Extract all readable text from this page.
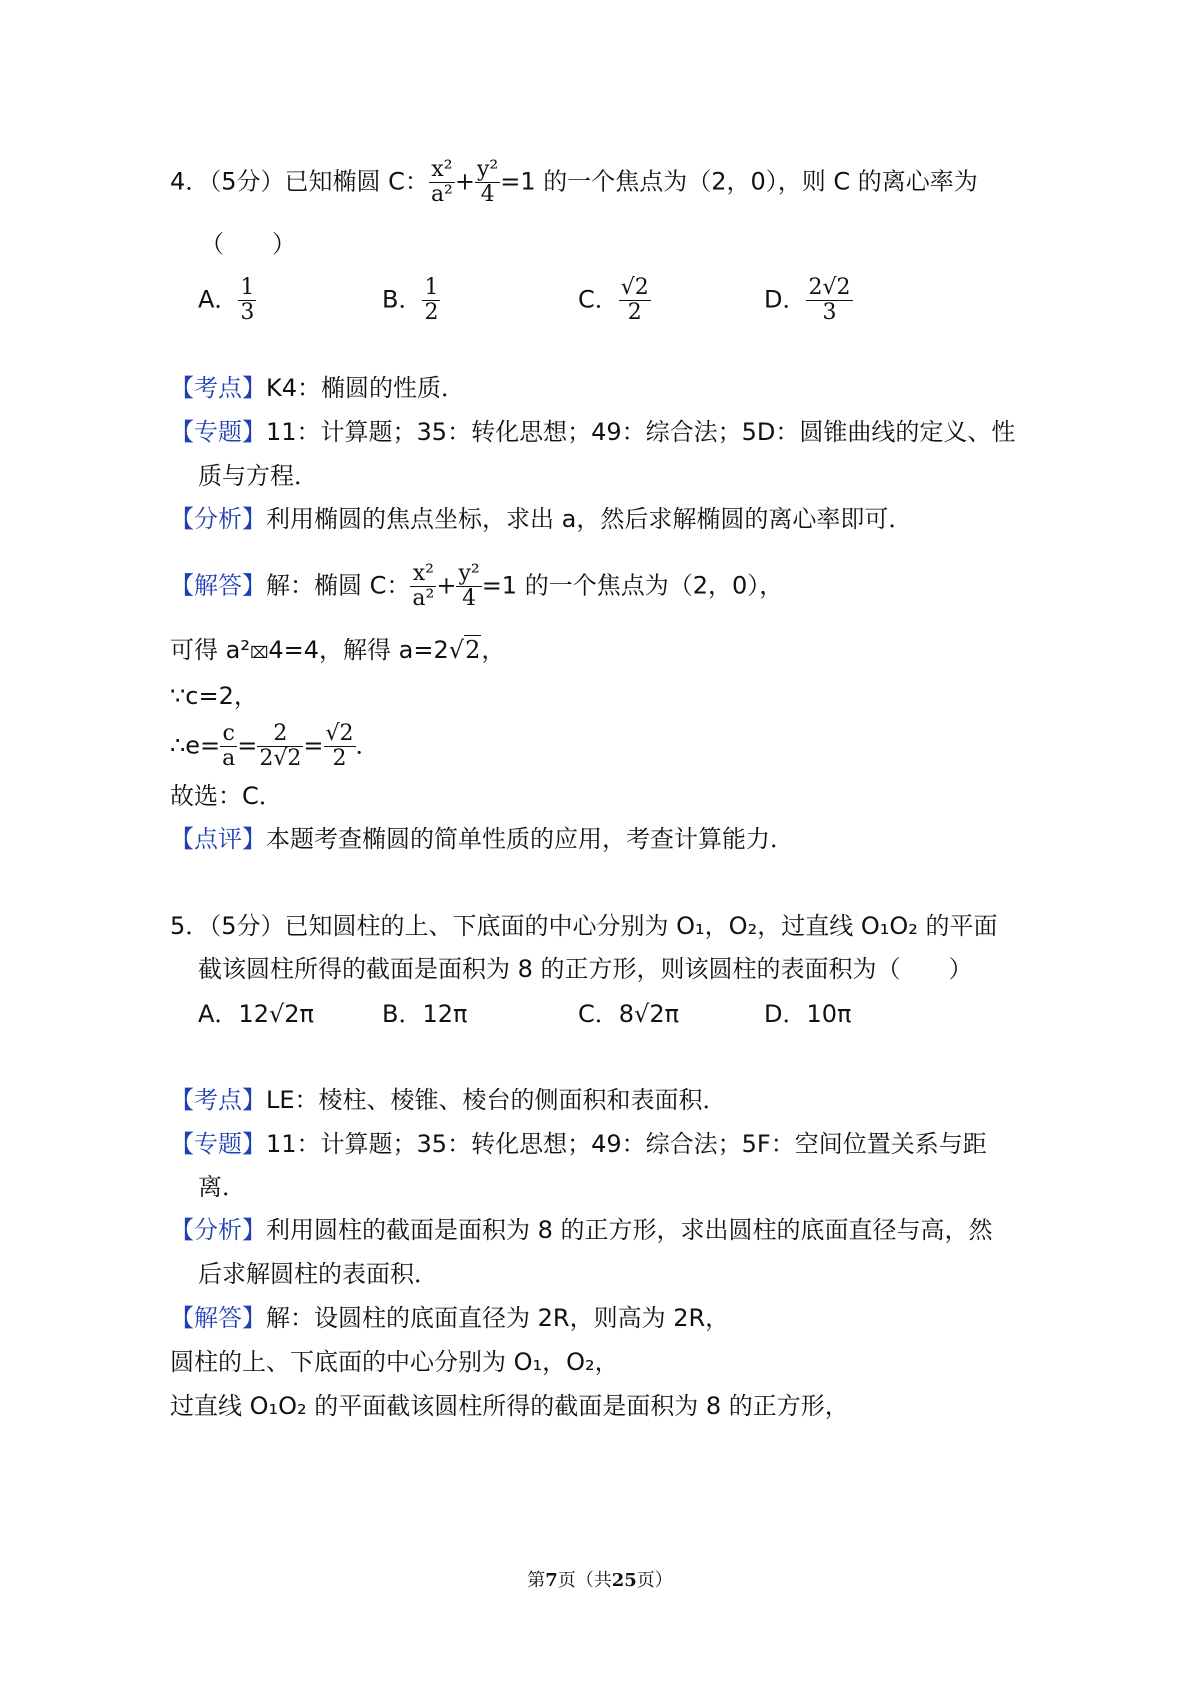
4．（5分）已知椭圆 C： $\frac{\text{x²}}{\text{a²}} + \frac{\text{y²}}{4} =1$ 的一个焦点为（2，0），则 C 的离心率为
（　　）
A． $\frac{1}{3}$	B． $\frac{1}{2}$	C． $\frac{√2}{2}$	D． $\frac{2√2}{3}$
【考点】K4：椭圆的性质．
【专题】11：计算题；35：转化思想；49：综合法；5D：圆锥曲线的定义、性
质与方程．
【分析】利用椭圆的焦点坐标，求出 a，然后求解椭圆的离心率即可．
【解答】解：椭圆 C： $\frac{\text{x²}}{\text{a²}} + \frac{\text{y²}}{4} =1$ 的一个焦点为（2，0），
可得 a²⌧4=4，解得 a=2√2，
∵c=2，
∴e= $\frac{c}{a} = \frac{2}{2√2} = \frac{√2}{2}$ ．
故选：C．
【点评】本题考查椭圆的简单性质的应用，考查计算能力．
5．（5分）已知圆柱的上、下底面的中心分别为 O₁，O₂，过直线 O₁O₂ 的平面
截该圆柱所得的截面是面积为 8 的正方形，则该圆柱的表面积为（　　）
A．12√2π	B．12π	C．8√2π	D．10π
【考点】LE：棱柱、棱锥、棱台的侧面积和表面积．
【专题】11：计算题；35：转化思想；49：综合法；5F：空间位置关系与距
离．
【分析】利用圆柱的截面是面积为 8 的正方形，求出圆柱的底面直径与高，然
后求解圆柱的表面积．
【解答】解：设圆柱的底面直径为 2R，则高为 2R，
圆柱的上、下底面的中心分别为 O₁，O₂，
过直线 O₁O₂ 的平面截该圆柱所得的截面是面积为 8 的正方形，
第7页（共25页）
